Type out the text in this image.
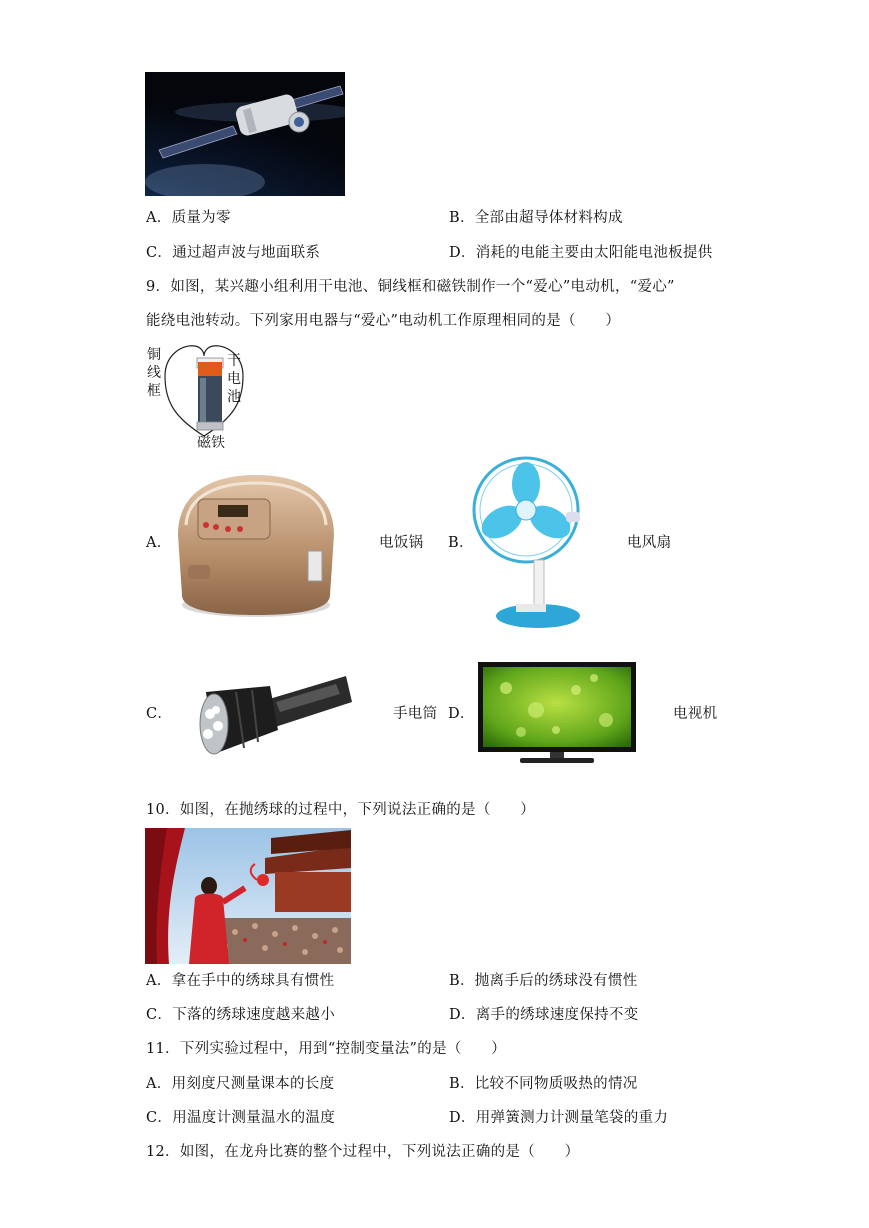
A．质量为零	B．全部由超导体材料构成
C．通过超声波与地面联系	D．消耗的电能主要由太阳能电池板提供
9．如图，某兴趣小组利用干电池、铜线框和磁铁制作一个“爱心”电动机，“爱心”
能绕电池转动。下列家用电器与“爱心”电动机工作原理相同的是（　　）
铜线框
干电池
磁铁
A．	电饭锅 B．	电风扇
C．	手电筒 D．	电视机
10．如图，在抛绣球的过程中，下列说法正确的是（　　）
A．拿在手中的绣球具有惯性	B．抛离手后的绣球没有惯性
C．下落的绣球速度越来越小	D．离手的绣球速度保持不变
11．下列实验过程中，用到“控制变量法”的是（　　）
A．用刻度尺测量课本的长度	B．比较不同物质吸热的情况
C．用温度计测量温水的温度	D．用弹簧测力计测量笔袋的重力
12．如图，在龙舟比赛的整个过程中，下列说法正确的是（　　）
